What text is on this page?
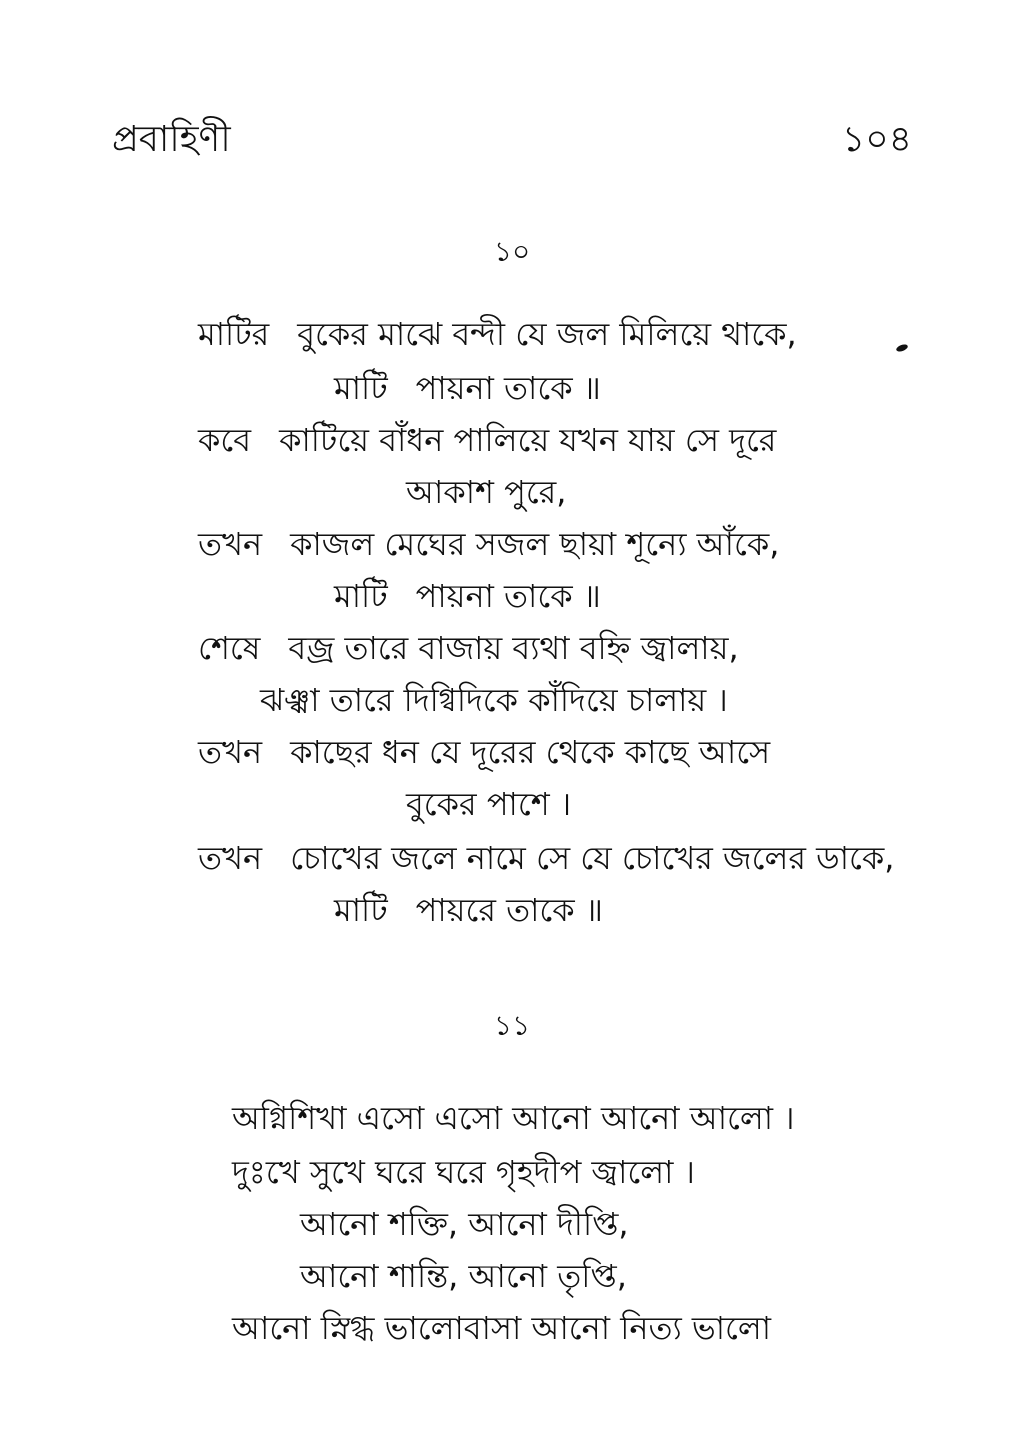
প্রবাহিণী	১০৪
১০
মাটির বুকের মাঝে বন্দী যে জল মিলিয়ে থাকে,
মাটি পায়না তাকে ॥
কবে কাটিয়ে বাঁধন পালিয়ে যখন যায় সে দূরে
আকাশ পুরে,
তখন কাজল মেঘের সজল ছায়া শূন্যে আঁকে,
মাটি পায়না তাকে ॥
শেষে বজ্র তারে বাজায় ব্যথা বহ্নি জ্বালায়,
ঝঞ্ঝা তারে দিগ্বিদিকে কাঁদিয়ে চালায় ।
তখন কাছের ধন যে দূরের থেকে কাছে আসে
বুকের পাশে ।
তখন চোখের জলে নামে সে যে চোখের জলের ডাকে,
মাটি পায়রে তাকে ॥
১১
অগ্নিশিখা এসো এসো আনো আনো আলো ।
দুঃখে সুখে ঘরে ঘরে গৃহদীপ জ্বালো ।
আনো শক্তি, আনো দীপ্তি,
আনো শান্তি, আনো তৃপ্তি,
আনো স্নিগ্ধ ভালোবাসা আনো নিত্য ভালো
